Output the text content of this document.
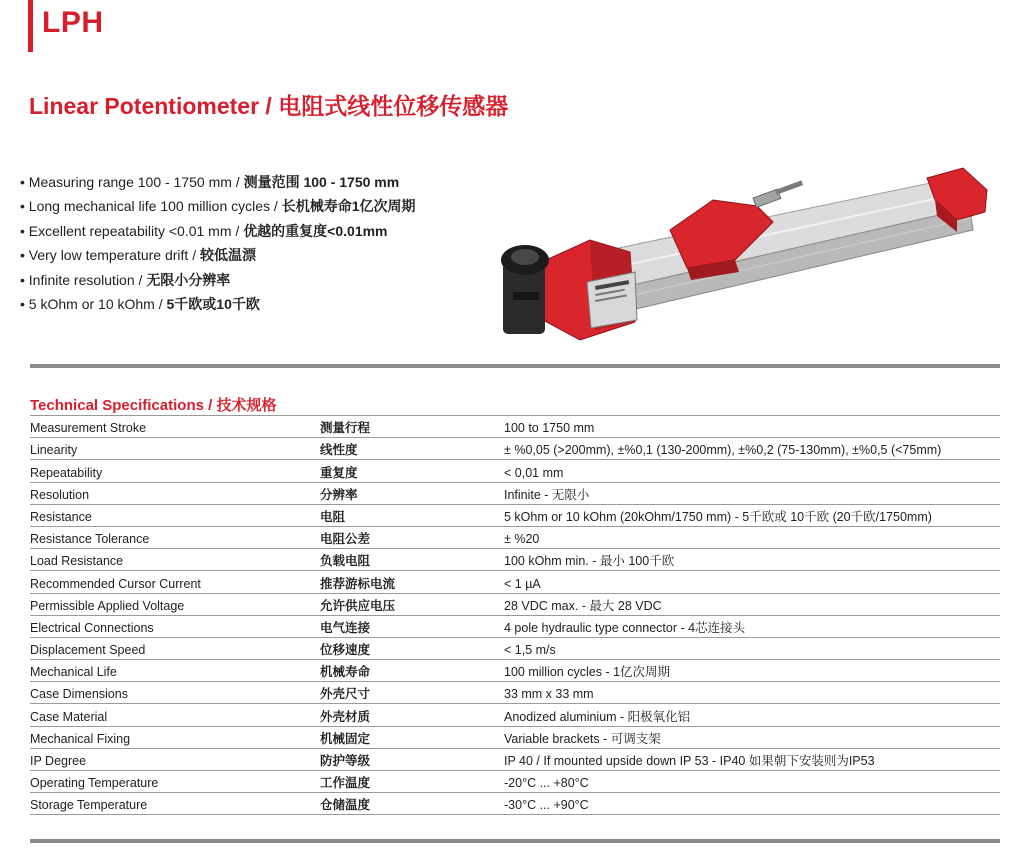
LPH
Linear Potentiometer / 电阻式线性位移传感器
• Measuring range 100 - 1750 mm / 测量范围 100 - 1750 mm
• Long mechanical life 100 million cycles / 长机械寿命1亿次周期
• Excellent repeatability <0.01 mm / 优越的重复度<0.01mm
• Very low temperature drift / 较低温漂
• Infinite resolution / 无限小分辨率
• 5 kOhm or 10 kOhm / 5千欧或10千欧
Technical Specifications / 技术规格
Measurement Stroke	测量行程	100 to 1750 mm
Linearity	线性度	± %0,05 (>200mm), ±%0,1 (130-200mm), ±%0,2 (75-130mm), ±%0,5 (<75mm)
Repeatability	重复度	< 0,01 mm
Resolution	分辨率	Infinite - 无限小
Resistance	电阻	5 kOhm or 10 kOhm (20kOhm/1750 mm) - 5千欧或 10千欧 (20千欧/1750mm)
Resistance Tolerance	电阻公差	± %20
Load Resistance	负载电阻	100 kOhm min. - 最小 100千欧
Recommended Cursor Current	推荐游标电流	< 1 µA
Permissible Applied Voltage	允许供应电压	28 VDC max. - 最大 28 VDC
Electrical Connections	电气连接	4 pole hydraulic type connector - 4芯连接头
Displacement Speed	位移速度	< 1,5 m/s
Mechanical Life	机械寿命	100 million cycles - 1亿次周期
Case Dimensions	外壳尺寸	33 mm x 33 mm
Case Material	外壳材质	Anodized aluminium - 阳极氧化铝
Mechanical Fixing	机械固定	Variable brackets - 可调支架
IP Degree	防护等级	IP 40 / If mounted upside down IP 53 - IP40 如果朝下安装则为IP53
Operating Temperature	工作温度	-20°C ... +80°C
Storage Temperature	仓储温度	-30°C ... +90°C
